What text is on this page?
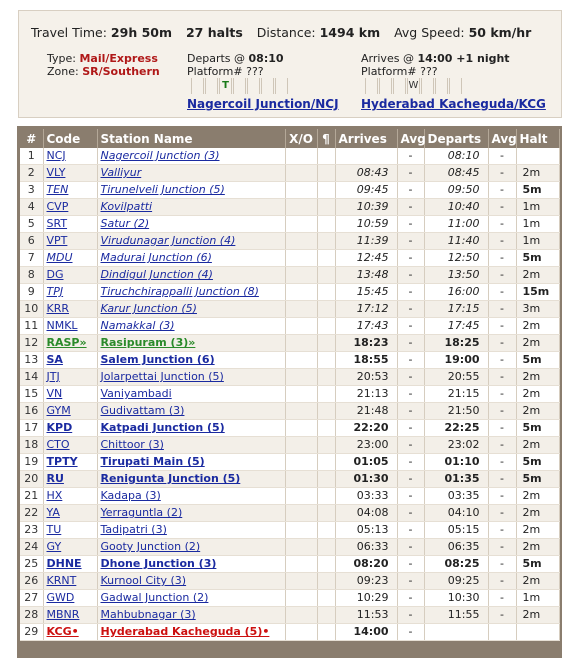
Travel Time: 29h 50m 27 halts Distance: 1494 km Avg Speed: 50 km/hr
Type: Mail/Express
Zone: SR/Southern
Departs @ 08:10
Platform# ???
T
Nagercoil Junction/NCJ
Arrives @ 14:00 +1 night
Platform# ???
W
Hyderabad Kachegudа/KCG
#	Code	Station Name	X/O	¶	Arrives	Avg	Departs	Avg	Halt
1	NCJ	Nagercoil Junction (3)				-	08:10	-	
2	VLY	Valliyur			08:43	-	08:45	-	2m
3	TEN	Tirunelveli Junction (5)			09:45	-	09:50	-	5m
4	CVP	Kovilpatti			10:39	-	10:40	-	1m
5	SRT	Satur (2)			10:59	-	11:00	-	1m
6	VPT	Virudunagar Junction (4)			11:39	-	11:40	-	1m
7	MDU	Madurai Junction (6)			12:45	-	12:50	-	5m
8	DG	Dindigul Junction (4)			13:48	-	13:50	-	2m
9	TPJ	Tiruchchirappalli Junction (8)			15:45	-	16:00	-	15m
10	KRR	Karur Junction (5)			17:12	-	17:15	-	3m
11	NMKL	Namakkal (3)			17:43	-	17:45	-	2m
12	RASP»	Rasipuram (3)»			18:23	-	18:25	-	2m
13	SA	Salem Junction (6)			18:55	-	19:00	-	5m
14	JTJ	Jolarpettai Junction (5)			20:53	-	20:55	-	2m
15	VN	Vaniyambadi			21:13	-	21:15	-	2m
16	GYM	Gudivattam (3)			21:48	-	21:50	-	2m
17	KPD	Katpadi Junction (5)			22:20	-	22:25	-	5m
18	CTO	Chittoor (3)			23:00	-	23:02	-	2m
19	TPTY	Tirupati Main (5)			01:05	-	01:10	-	5m
20	RU	Renigunta Junction (5)			01:30	-	01:35	-	5m
21	HX	Kadapa (3)			03:33	-	03:35	-	2m
22	YA	Yerraguntla (2)			04:08	-	04:10	-	2m
23	TU	Tadipatri (3)			05:13	-	05:15	-	2m
24	GY	Gooty Junction (2)			06:33	-	06:35	-	2m
25	DHNE	Dhone Junction (3)			08:20	-	08:25	-	5m
26	KRNT	Kurnool City (3)			09:23	-	09:25	-	2m
27	GWD	Gadwal Junction (2)			10:29	-	10:30	-	1m
28	MBNR	Mahbubnagar (3)			11:53	-	11:55	-	2m
29	KCG•	Hyderabad Kacheguda (5)•			14:00	-			
